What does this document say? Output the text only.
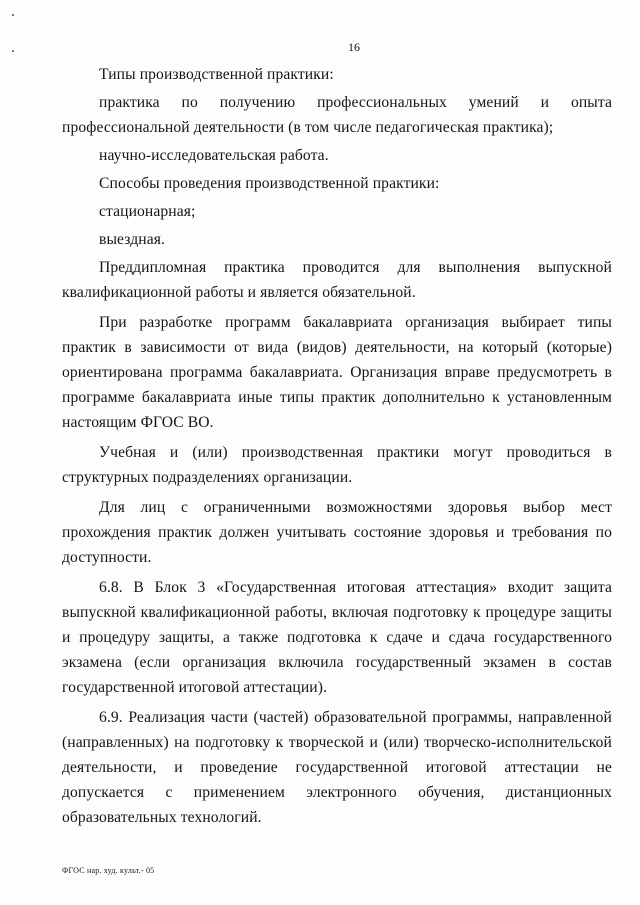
16

Типы производственной практики:

практика по получению профессиональных умений и опыта профессиональной деятельности (в том числе педагогическая практика);

научно-исследовательская работа.

Способы проведения производственной практики:

стационарная;

выездная.

Преддипломная практика проводится для выполнения выпускной квалификационной работы и является обязательной.

При разработке программ бакалавриата организация выбирает типы практик в зависимости от вида (видов) деятельности, на который (которые) ориентирована программа бакалавриата. Организация вправе предусмотреть в программе бакалавриата иные типы практик дополнительно к установленным настоящим ФГОС ВО.

Учебная и (или) производственная практики могут проводиться в структурных подразделениях организации.

Для лиц с ограниченными возможностями здоровья выбор мест прохождения практик должен учитывать состояние здоровья и требования по доступности.

6.8. В Блок 3 «Государственная итоговая аттестация» входит защита выпускной квалификационной работы, включая подготовку к процедуре защиты и процедуру защиты, а также подготовка к сдаче и сдача государственного экзамена (если организация включила государственный экзамен в состав государственной итоговой аттестации).

6.9. Реализация части (частей) образовательной программы, направленной (направленных) на подготовку к творческой и (или) творческо-исполнительской деятельности, и проведение государственной итоговой аттестации не допускается с применением электронного обучения, дистанционных образовательных технологий.

ФГОС нар. худ. культ.- 05
